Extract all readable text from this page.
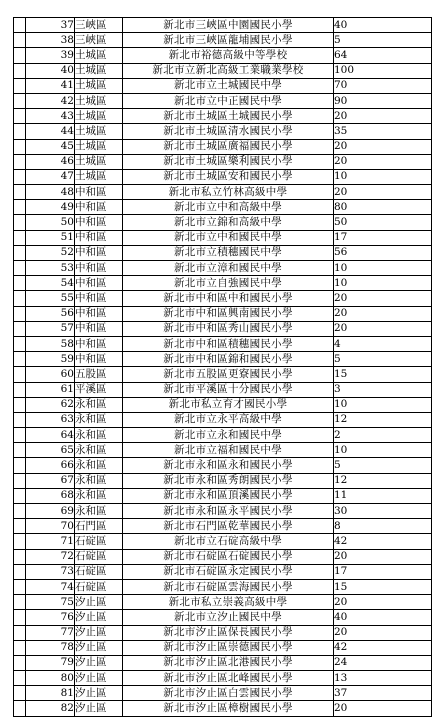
	37	三峽區	新北市三峽區中園國民小學	40
	38	三峽區	新北市三峽區龍埔國民小學	5
	39	土城區	新北市裕德高級中等學校	64
	40	土城區	新北市立新北高級工業職業學校	100
	41	土城區	新北市立土城國民中學	70
	42	土城區	新北市立中正國民中學	90
	43	土城區	新北市土城區土城國民小學	20
	44	土城區	新北市土城區清水國民小學	35
	45	土城區	新北市土城區廣福國民小學	20
	46	土城區	新北市土城區樂利國民小學	20
	47	土城區	新北市土城區安和國民小學	10
	48	中和區	新北市私立竹林高級中學	20
	49	中和區	新北市立中和高級中學	80
	50	中和區	新北市立錦和高級中學	50
	51	中和區	新北市立中和國民中學	17
	52	中和區	新北市立積穗國民中學	56
	53	中和區	新北市立漳和國民中學	10
	54	中和區	新北市立自強國民中學	10
	55	中和區	新北市中和區中和國民小學	20
	56	中和區	新北市中和區興南國民小學	20
	57	中和區	新北市中和區秀山國民小學	20
	58	中和區	新北市中和區積穗國民小學	4
	59	中和區	新北市中和區錦和國民小學	5
	60	五股區	新北市五股區更寮國民小學	15
	61	平溪區	新北市平溪區十分國民小學	3
	62	永和區	新北市私立育才國民小學	10
	63	永和區	新北市立永平高級中學	12
	64	永和區	新北市立永和國民中學	2
	65	永和區	新北市立福和國民中學	10
	66	永和區	新北市永和區永和國民小學	5
	67	永和區	新北市永和區秀朗國民小學	12
	68	永和區	新北市永和區頂溪國民小學	11
	69	永和區	新北市永和區永平國民小學	30
	70	石門區	新北市石門區乾華國民小學	8
	71	石碇區	新北市立石碇高級中學	42
	72	石碇區	新北市石碇區石碇國民小學	20
	73	石碇區	新北市石碇區永定國民小學	17
	74	石碇區	新北市石碇區雲海國民小學	15
	75	汐止區	新北市私立崇義高級中學	20
	76	汐止區	新北市立汐止國民中學	40
	77	汐止區	新北市汐止區保長國民小學	20
	78	汐止區	新北市汐止區崇德國民小學	42
	79	汐止區	新北市汐止區北港國民小學	24
	80	汐止區	新北市汐止區北峰國民小學	13
	81	汐止區	新北市汐止區白雲國民小學	37
	82	汐止區	新北市汐止區樟樹國民小學	20
